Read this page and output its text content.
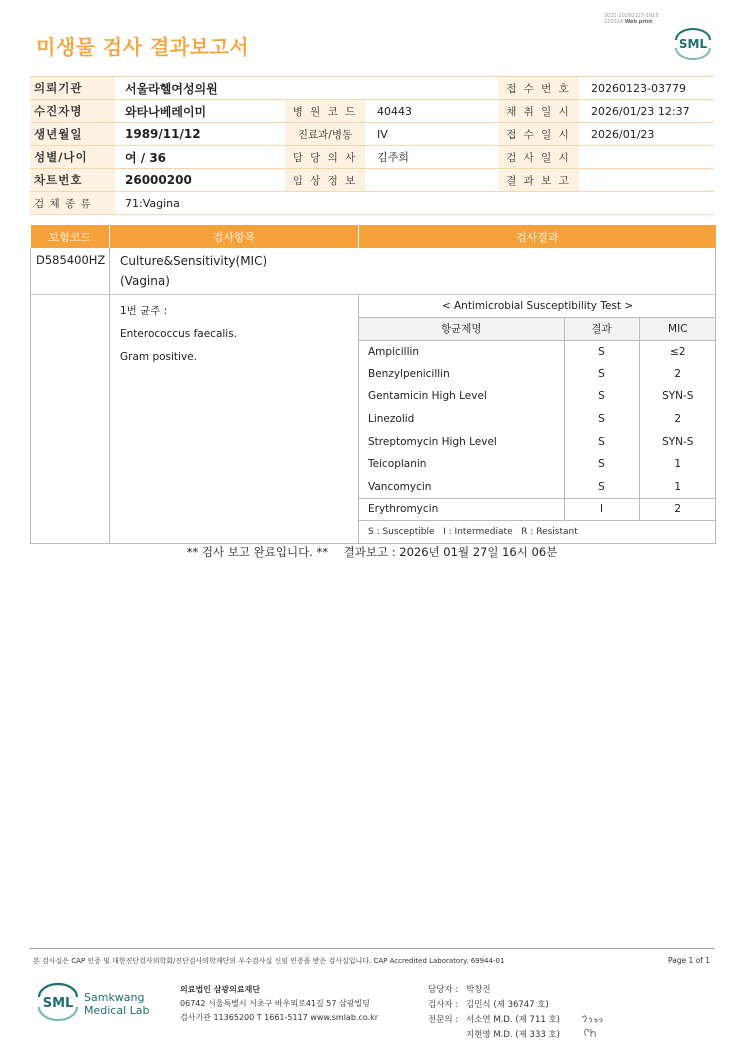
미생물 검사 결과보고서
3022-20260127-1615
220024 Web print
SML
의뢰기관	서울라헬여성의원			접 수 번 호	20260123-03779
수진자명	와타나베레이미	병 원 코 드	40443	채 취 일 시	2026/01/23 12:37
생년월일	1989/11/12	진료과/병동	IV	접 수 일 시	2026/01/23
성별/나이	여 / 36	담 당 의 사	김주희	검 사 일 시	
차트번호	26000200	임 상 정 보		결 과 보 고	
검 체 종 류	71:Vagina				
보험코드	검사항목	검사결과
D585400HZ	Culture&Sensitivity(MIC)
(Vagina)

1번 균주 :
Enterococcus faecalis.
Gram positive.

< Antimicrobial Susceptibility Test >
항균제명	결과	MIC
Ampicillin	S	≤2
Benzylpenicillin	S	2
Gentamicin High Level	S	SYN-S
Linezolid	S	2
Streptomycin High Level	S	SYN-S
Teicoplanin	S	1
Vancomycin	S	1
Erythromycin	I	2
S : Susceptible   I : Intermediate   R : Resistant
** 검사 보고 완료입니다. ** 결과보고 : 2026년 01월 27일 16시 06분
본 검사실은 CAP 인증 및 대한진단검사의학회/진단검사의학재단의 우수검사실 신임 인증을 받은 검사실입니다. CAP Accredited Laboratory. 69944-01	Page 1 of 1
SML Samkwang
Medical Lab
의료법인 삼광의료재단
06742 서울특별시 서초구 바우뫼로41길 57 삼광빌딩
검사기관 11365200 T 1661-5117 www.smlab.co.kr
담당자 : 박창진
검사자 : 김민식 (제 36747 호)
전문의 : 서소연 M.D. (제 711 호)
지현영 M.D. (제 333 호)
